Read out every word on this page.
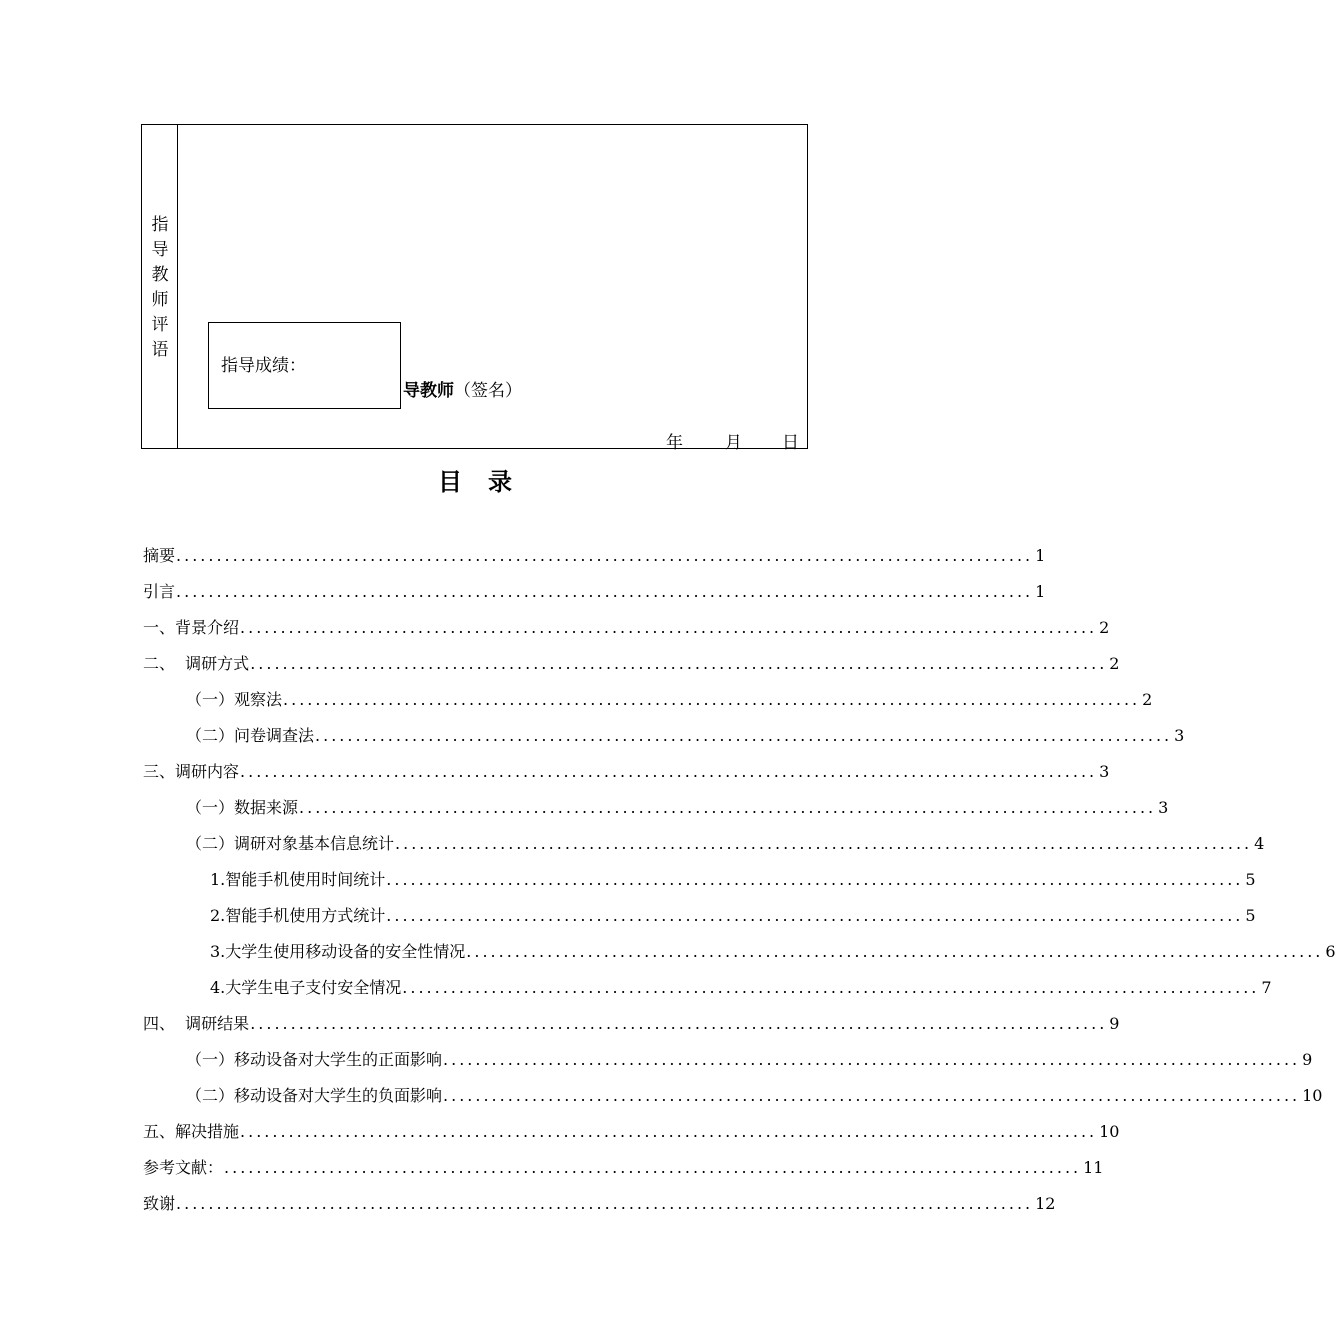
指导教师评语
指导成绩：
导教师（签名）
年 月 日
目录
摘要 .......................................................................................................... 1
引言 .......................................................................................................... 1
一、背景介绍 .......................................................................................................... 2
二、  调研方式 .......................................................................................................... 2
（一）观察法 .......................................................................................................... 2
（二）问卷调查法 .......................................................................................................... 3
三、调研内容 .......................................................................................................... 3
（一）数据来源 .......................................................................................................... 3
（二）调研对象基本信息统计 .......................................................................................................... 4
1.智能手机使用时间统计 .......................................................................................................... 5
2.智能手机使用方式统计 .......................................................................................................... 5
3.大学生使用移动设备的安全性情况 .......................................................................................................... 6
4.大学生电子支付安全情况 .......................................................................................................... 7
四、  调研结果 .......................................................................................................... 9
（一）移动设备对大学生的正面影响 .......................................................................................................... 9
（二）移动设备对大学生的负面影响 .......................................................................................................... 10
五、解决措施 .......................................................................................................... 10
参考文献： .......................................................................................................... 11
致谢 .......................................................................................................... 12
